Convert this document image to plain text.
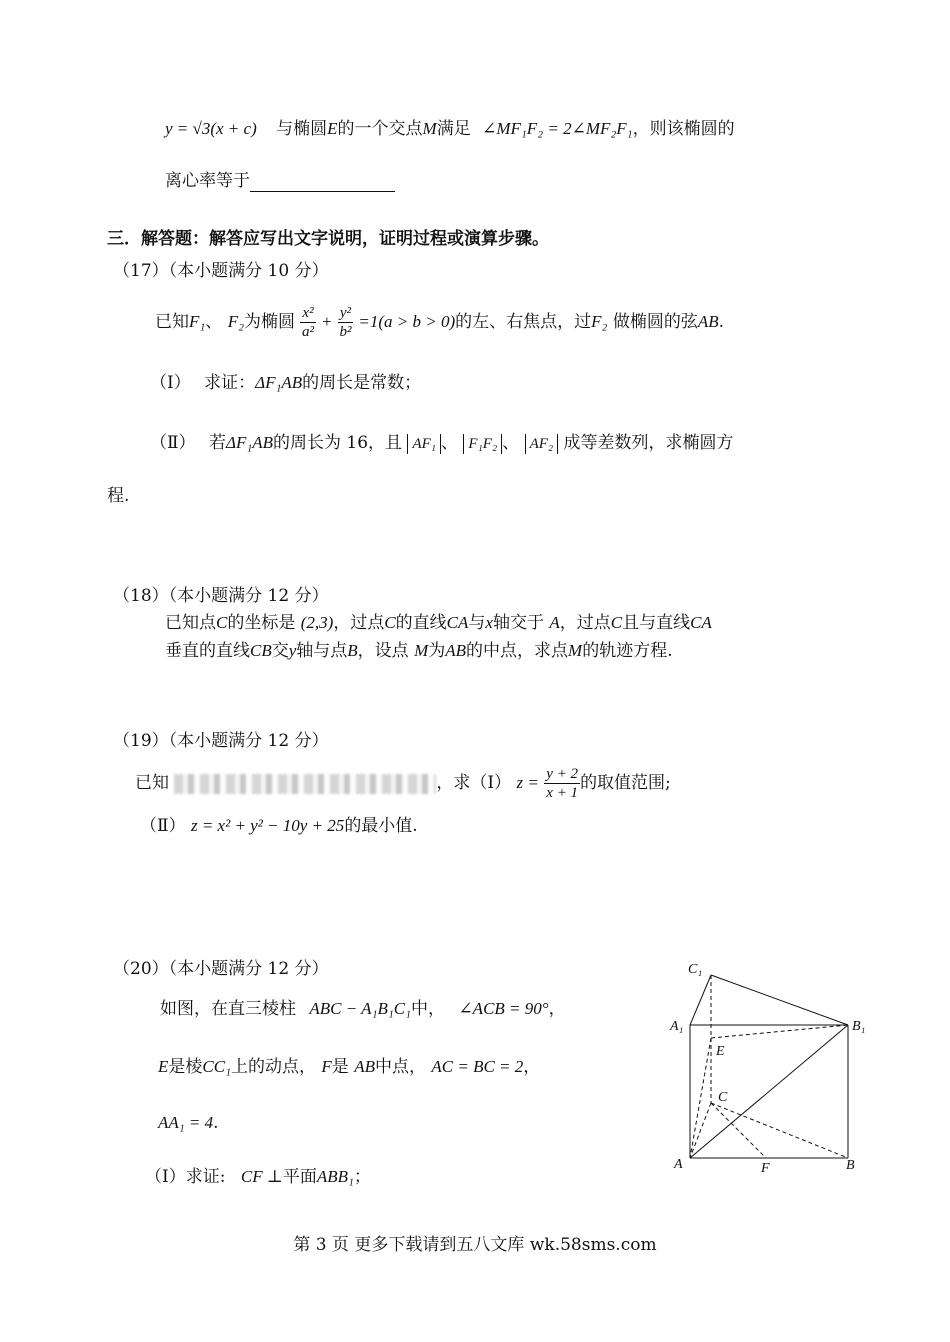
y = √3(x + c) 与椭圆E的一个交点M满足 ∠MF₁F₂ = 2∠MF₂F₁，则该椭圆的
离心率等于
三．解答题：解答应写出文字说明，证明过程或演算步骤。
（17）（本小题满分 10 分）
已知F₁、 F₂为椭圆 $\frac{\text{x²}}{\text{a²}} + \frac{\text{y²}}{\text{b²}} =1(a > b > 0)$的左、右焦点，过F₂ 做椭圆的弦AB.
（Ⅰ） 求证：ΔF₁AB的周长是常数；
（Ⅱ） 若ΔF₁AB的周长为 16，且 AF₁ 、 F₁F₂ 、 AF₂ 成等差数列，求椭圆方
程.
（18）（本小题满分 12 分）
已知点C的坐标是 (2,3)，过点C的直线CA与x轴交于 A，过点C且与直线CA
垂直的直线CB交y轴与点B，设点 M为AB的中点，求点M的轨迹方程.
（19）（本小题满分 12 分）
已知	，求（Ⅰ） $z = \frac{y + 2}{x + 1}$ 的取值范围;
（Ⅱ） z = x² + y² − 10y + 25的最小值.
（20）（本小题满分 12 分）
如图，在直三棱柱 ABC − A₁B₁C₁中， ∠ACB = 90°，
E是棱CC₁上的动点， F是 AB中点， AC = BC = 2，
AA₁ = 4.
（Ⅰ）求证: CF ⊥平面ABB₁；
C₁
A₁	B₁
E
C
A	F	B
第 3 页 更多下载请到五八文库 wk.58sms.com
